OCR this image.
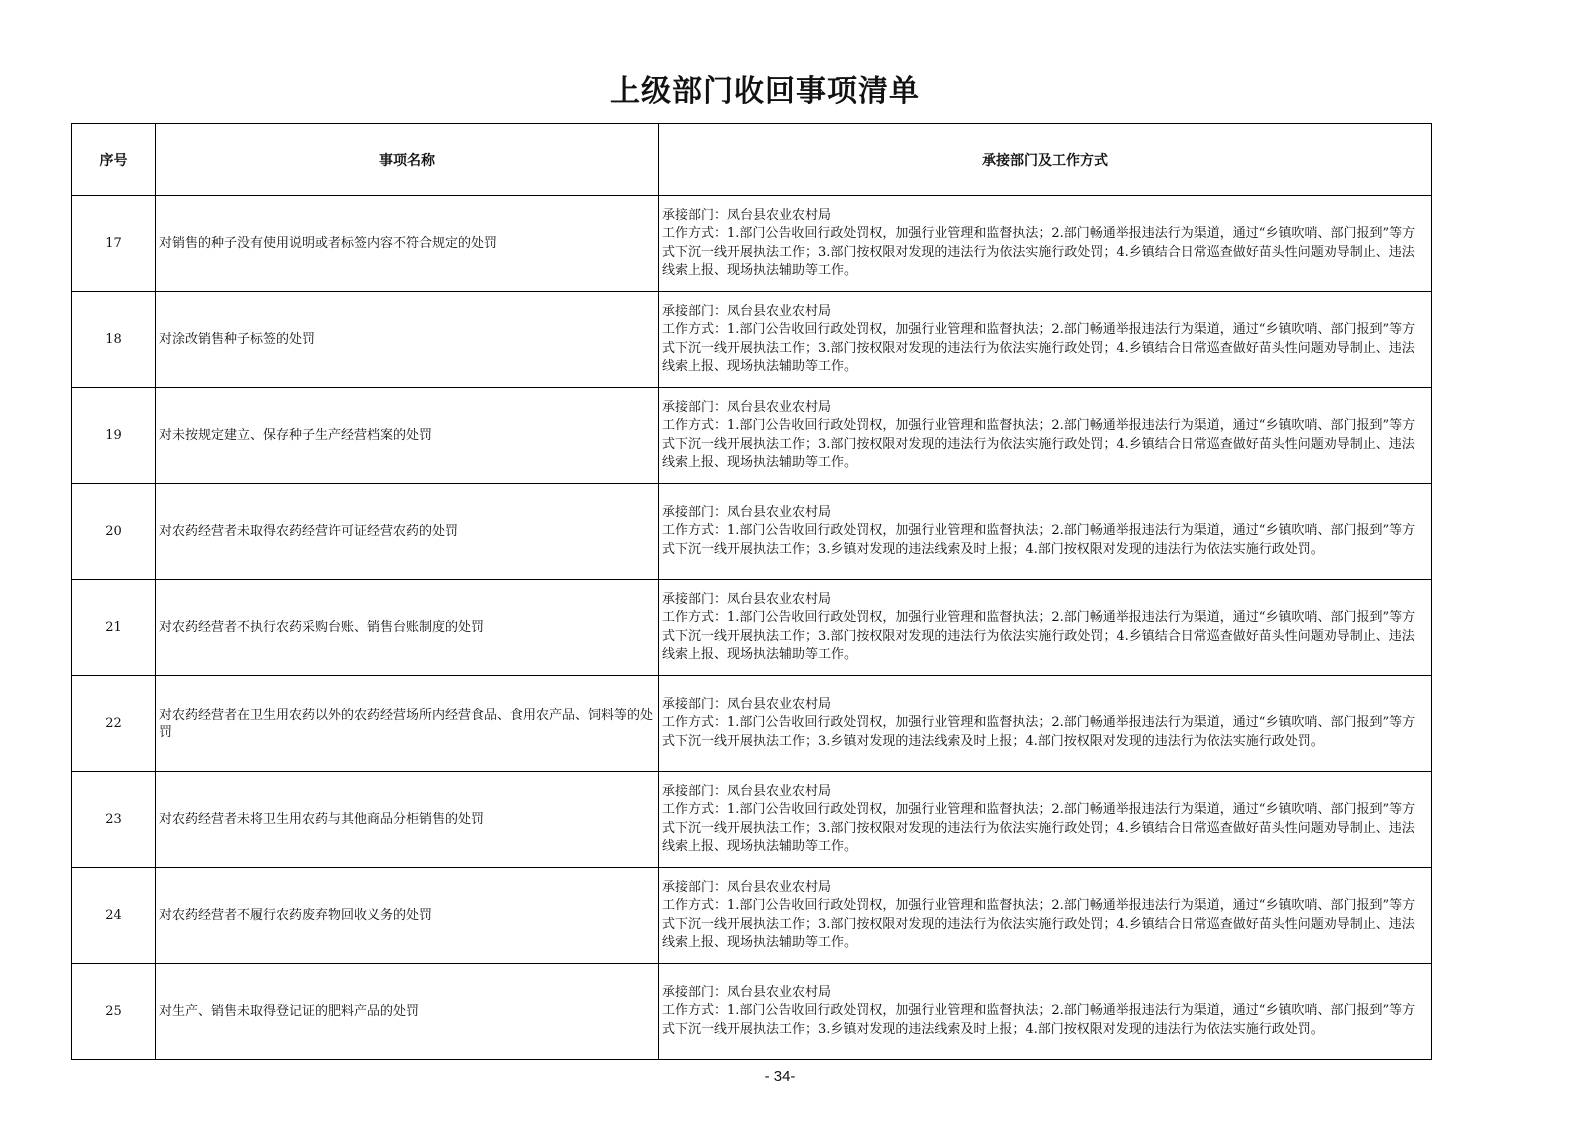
上级部门收回事项清单
序号	事项名称	承接部门及工作方式
17	对销售的种子没有使用说明或者标签内容不符合规定的处罚	承接部门：凤台县农业农村局
工作方式：1.部门公告收回行政处罚权，加强行业管理和监督执法；2.部门畅通举报违法行为渠道，通过“乡镇吹哨、部门报到”等方式下沉一线开展执法工作；3.部门按权限对发现的违法行为依法实施行政处罚；4.乡镇结合日常巡查做好苗头性问题劝导制止、违法线索上报、现场执法辅助等工作。

18	对涂改销售种子标签的处罚	承接部门：凤台县农业农村局
工作方式：1.部门公告收回行政处罚权，加强行业管理和监督执法；2.部门畅通举报违法行为渠道，通过“乡镇吹哨、部门报到”等方式下沉一线开展执法工作；3.部门按权限对发现的违法行为依法实施行政处罚；4.乡镇结合日常巡查做好苗头性问题劝导制止、违法线索上报、现场执法辅助等工作。

19	对未按规定建立、保存种子生产经营档案的处罚	承接部门：凤台县农业农村局
工作方式：1.部门公告收回行政处罚权，加强行业管理和监督执法；2.部门畅通举报违法行为渠道，通过“乡镇吹哨、部门报到”等方式下沉一线开展执法工作；3.部门按权限对发现的违法行为依法实施行政处罚；4.乡镇结合日常巡查做好苗头性问题劝导制止、违法线索上报、现场执法辅助等工作。

20	对农药经营者未取得农药经营许可证经营农药的处罚	承接部门：凤台县农业农村局
工作方式：1.部门公告收回行政处罚权，加强行业管理和监督执法；2.部门畅通举报违法行为渠道，通过“乡镇吹哨、部门报到”等方式下沉一线开展执法工作；3.乡镇对发现的违法线索及时上报；4.部门按权限对发现的违法行为依法实施行政处罚。

21	对农药经营者不执行农药采购台账、销售台账制度的处罚	承接部门：凤台县农业农村局
工作方式：1.部门公告收回行政处罚权，加强行业管理和监督执法；2.部门畅通举报违法行为渠道，通过“乡镇吹哨、部门报到”等方式下沉一线开展执法工作；3.部门按权限对发现的违法行为依法实施行政处罚；4.乡镇结合日常巡查做好苗头性问题劝导制止、违法线索上报、现场执法辅助等工作。

22	对农药经营者在卫生用农药以外的农药经营场所内经营食品、食用农产品、饲料等的处罚	承接部门：凤台县农业农村局
工作方式：1.部门公告收回行政处罚权，加强行业管理和监督执法；2.部门畅通举报违法行为渠道，通过“乡镇吹哨、部门报到”等方式下沉一线开展执法工作；3.乡镇对发现的违法线索及时上报；4.部门按权限对发现的违法行为依法实施行政处罚。

23	对农药经营者未将卫生用农药与其他商品分柜销售的处罚	承接部门：凤台县农业农村局
工作方式：1.部门公告收回行政处罚权，加强行业管理和监督执法；2.部门畅通举报违法行为渠道，通过“乡镇吹哨、部门报到”等方式下沉一线开展执法工作；3.部门按权限对发现的违法行为依法实施行政处罚；4.乡镇结合日常巡查做好苗头性问题劝导制止、违法线索上报、现场执法辅助等工作。

24	对农药经营者不履行农药废弃物回收义务的处罚	承接部门：凤台县农业农村局
工作方式：1.部门公告收回行政处罚权，加强行业管理和监督执法；2.部门畅通举报违法行为渠道，通过“乡镇吹哨、部门报到”等方式下沉一线开展执法工作；3.部门按权限对发现的违法行为依法实施行政处罚；4.乡镇结合日常巡查做好苗头性问题劝导制止、违法线索上报、现场执法辅助等工作。

25	对生产、销售未取得登记证的肥料产品的处罚	承接部门：凤台县农业农村局
工作方式：1.部门公告收回行政处罚权，加强行业管理和监督执法；2.部门畅通举报违法行为渠道，通过“乡镇吹哨、部门报到”等方式下沉一线开展执法工作；3.乡镇对发现的违法线索及时上报；4.部门按权限对发现的违法行为依法实施行政处罚。
- 34-
